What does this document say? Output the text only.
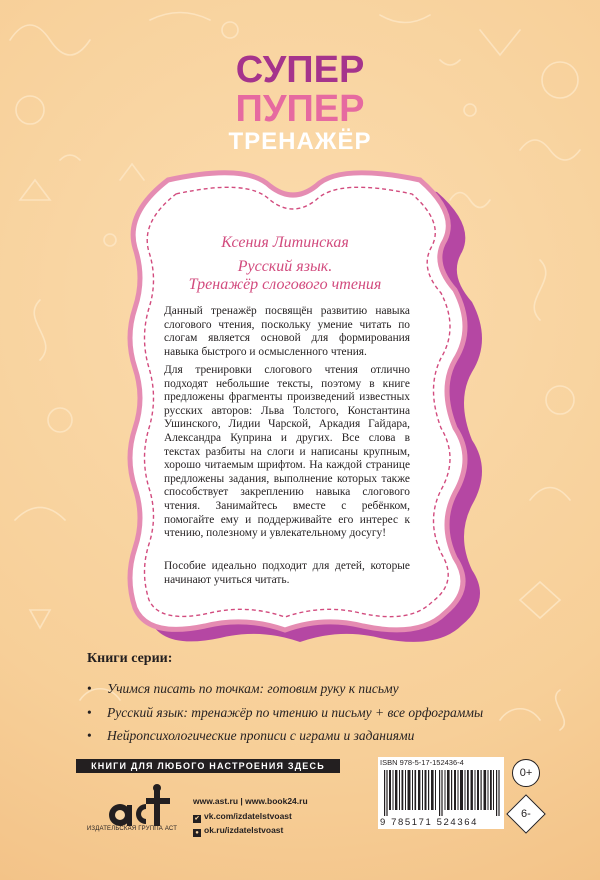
СУПЕР
ПУПЕР
ТРЕНАЖЁР
Ксения Литинская
Русский язык.
Тренажёр слогового чтения
Данный тренажёр посвящён развитию навыка слогового чтения, поскольку умение читать по слогам является основой для формирования навыка быстрого и осмысленного чтения.
Для тренировки слогового чтения отлично подходят небольшие тексты, поэтому в книге предложены фрагменты произведений известных русских авторов: Льва Толстого, Константина Ушинского, Лидии Чарской, Аркадия Гайдара, Александра Куприна и других. Все слова в текстах разбиты на слоги и написаны крупным, хорошо читаемым шрифтом. На каждой странице предложены задания, выполнение которых также способствует закреплению навыка слогового чтения. Занимайтесь вместе с ребёнком, помогайте ему и поддерживайте его интерес к чтению, полезному и увлекательному досугу!
Пособие идеально подходит для детей, которые начинают учиться читать.
Книги серии:
• Учимся писать по точкам: готовим руку к письму
• Русский язык: тренажёр по чтению и письму + все орфограммы
• Нейропсихологические прописи с играми и заданиями
КНИГИ ДЛЯ ЛЮБОГО НАСТРОЕНИЯ ЗДЕСЬ
ИЗДАТЕЛЬСКАЯ ГРУППА АСТ
www.ast.ru | www.book24.ru
✔ vk.com/izdatelstvoast
● ok.ru/izdatelstvoast
ISBN 978-5-17-152436-4
9 785171 524364
0+
6-
